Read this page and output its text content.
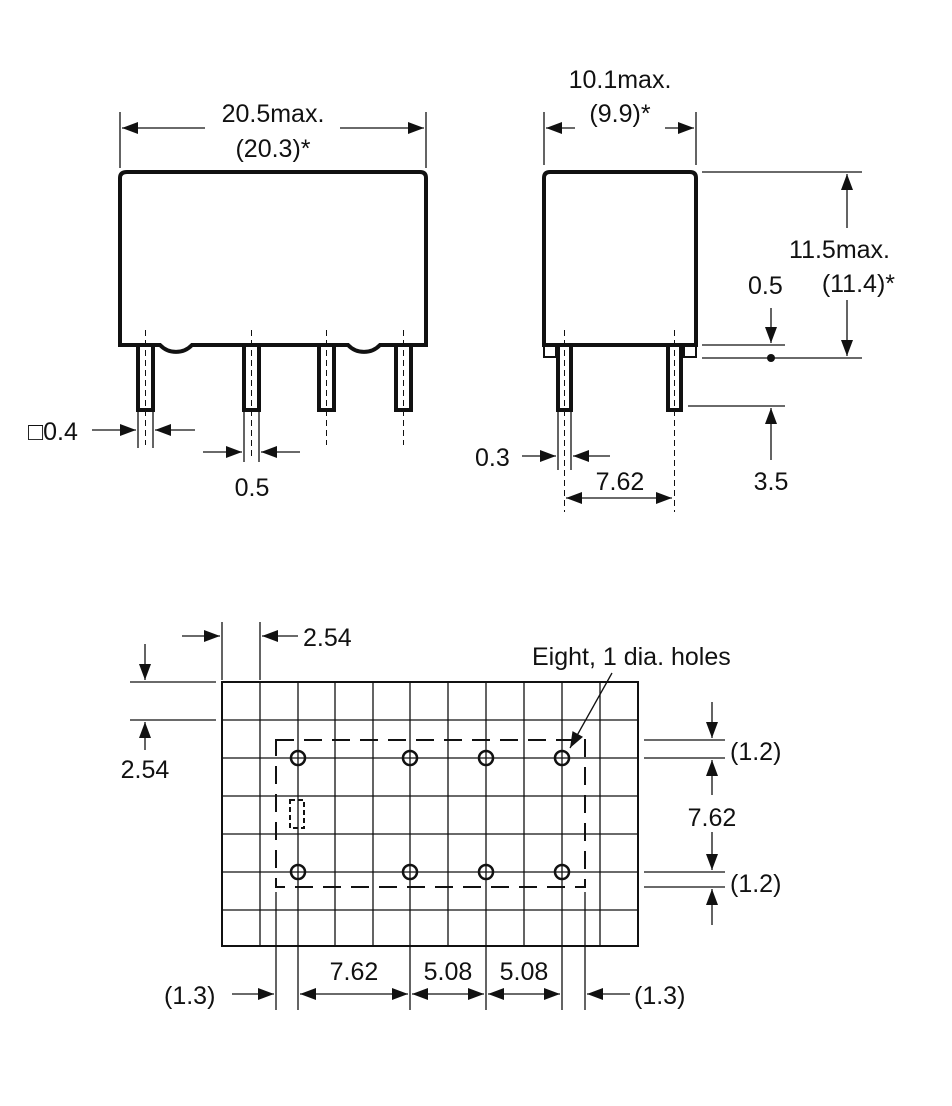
20.5max.
(20.3)*
□0.4
0.5
10.1max.
(9.9)*
11.5max.
(11.4)*
0.5
3.5
0.3
7.62
Eight, 1 dia. holes
2.54
2.54
(1.2)
7.62
(1.2)
(1.3)
7.62 5.08 5.08
(1.3)
